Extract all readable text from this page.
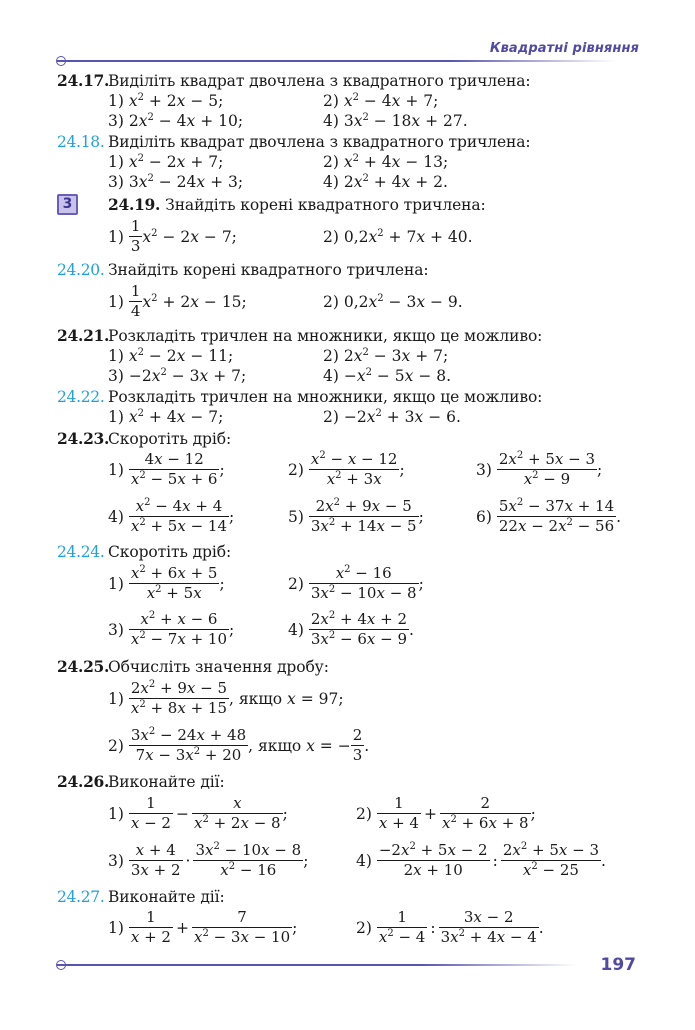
Квадратні рівняння
24.17.Виділіть квадрат двочлена з квадратного тричлена:
1) $x^2 + 2x - 5$;	2) $x^2 - 4x + 7$;
3) $2x^2 - 4x + 10$;	4) $3x^2 - 18x + 27$.
24.18. Виділіть квадрат двочлена з квадратного тричлена:
1) $x^2 - 2x + 7$;	2) $x^2 + 4x - 13$;
3) $3x^2 - 24x + 3$;	4) $2x^2 + 4x + 2$.
3	24.19. Знайдіть корені квадратного тричлена:
$1) \frac{1}{3} x^2 - 2x - 7$;	2) $0,2x^2 + 7x + 40$.
24.20. Знайдіть корені квадратного тричлена:
$1) \frac{1}{4} x^2 + 2x - 15$;	2) $0,2x^2 - 3x - 9$.
24.21.Розкладіть тричлен на множники, якщо це можливо:
1) $x^2 - 2x - 11$;	2) $2x^2 - 3x + 7$;
$3) -2x^2 - 3x + 7$;	$4) -x^2 - 5x - 8$.
24.22. Розкладіть тричлен на множники, якщо це можливо:
1) $x^2 + 4x - 7$;	$2) -2x^2 + 3x - 6$.
24.23.Скоротіть дріб:
$1) \frac{4x - 12}{x^2 - 5x + 6}$ ;	$2) \frac{x^2 - x - 12}{x^2 + 3x}$ ;	$3) \frac{2x^2 + 5x - 3}{x^2 - 9}$ ;
$4) \frac{x^2 - 4x + 4}{x^2 + 5x - 14}$ ;	$5) \frac{2x^2 + 9x - 5}{3x^2 + 14x - 5}$ ;	$6) \frac{5x^2 - 37x + 14}{22x - 2x^2 - 56}$ .
24.24. Скоротіть дріб:
$1) \frac{x^2 + 6x + 5}{x^2 + 5x}$ ;	$2) \frac{x^2 - 16}{3x^2 - 10x - 8}$ ;
$3) \frac{x^2 + x - 6}{x^2 - 7x + 10}$ ;	$4) \frac{2x^2 + 4x + 2}{3x^2 - 6x - 9}$ .
24.25.Обчисліть значення дробу:
$1) \frac{2x^2 + 9x - 5}{x^2 + 8x + 15}$ , якщо x = 97;
$2) \frac{3x^2 - 24x + 48}{7x - 3x^2 + 20}$ , якщо x = − $\frac{2}{3}$ .
24.26.Виконайте дії:
$1) \frac{1}{x - 2} - \frac{x}{x^2 + 2x - 8}$ ;	$2) \frac{1}{x + 4} + \frac{2}{x^2 + 6x + 8}$ ;
$3) \frac{x + 4}{3x + 2} \cdot \frac{3x^2 - 10x - 8}{x^2 - 16}$ ;	$4) \frac{-2x^2 + 5x - 2}{2x + 10}$ : $\frac{2x^2 + 5x - 3}{x^2 - 25}$ .
24.27. Виконайте дії:
$1) \frac{1}{x + 2} + \frac{7}{x^2 - 3x - 10}$ ;	$2) \frac{1}{x^2 - 4}$ : $\frac{3x - 2}{3x^2 + 4x - 4}$ .
197
